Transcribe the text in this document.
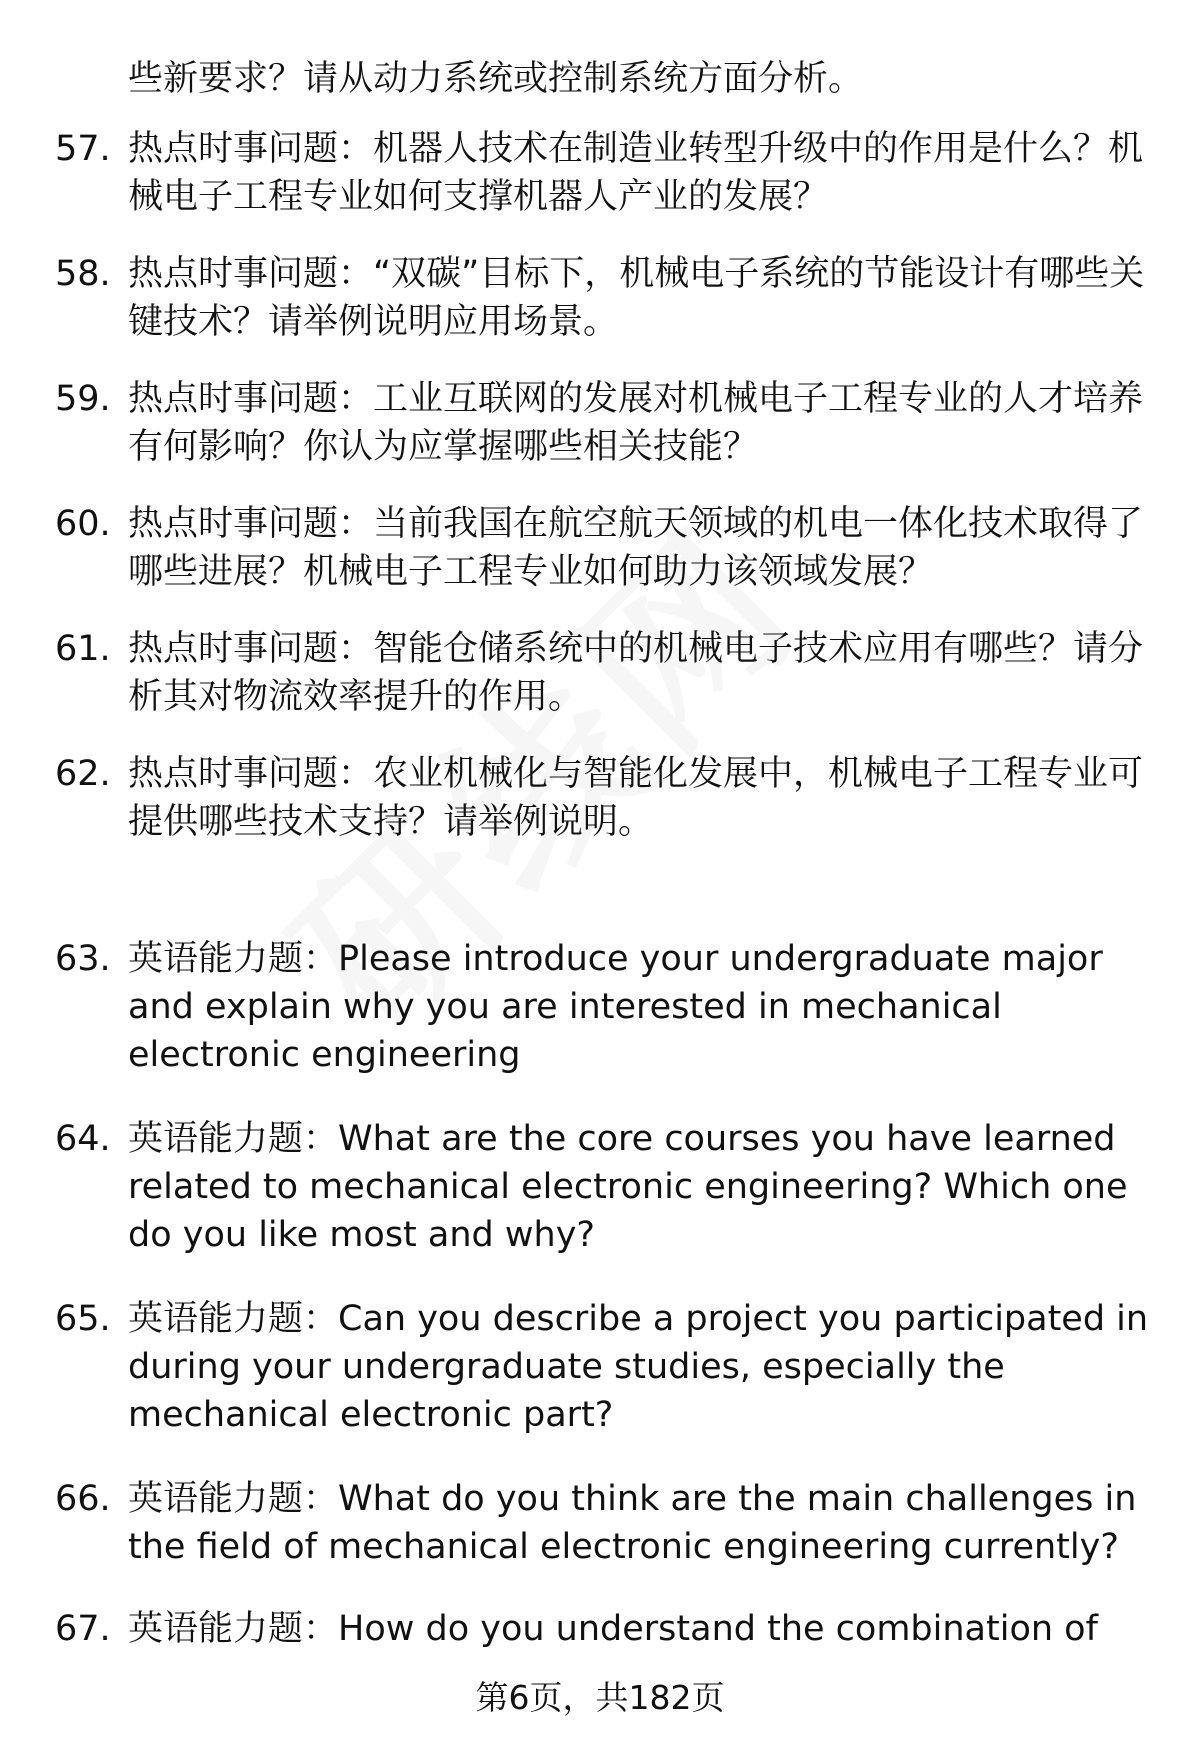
些新要求？请从动力系统或控制系统方面分析。
57. 热点时事问题：机器人技术在制造业转型升级中的作用是什么？机械电子工程专业如何支撑机器人产业的发展？
58. 热点时事问题：“双碳”目标下，机械电子系统的节能设计有哪些关键技术？请举例说明应用场景。
59. 热点时事问题：工业互联网的发展对机械电子工程专业的人才培养有何影响？你认为应掌握哪些相关技能？
60. 热点时事问题：当前我国在航空航天领域的机电一体化技术取得了哪些进展？机械电子工程专业如何助力该领域发展？
61. 热点时事问题：智能仓储系统中的机械电子技术应用有哪些？请分析其对物流效率提升的作用。
62. 热点时事问题：农业机械化与智能化发展中，机械电子工程专业可提供哪些技术支持？请举例说明。
63. 英语能力题：Please introduce your undergraduate major and explain why you are interested in mechanical electronic engineering
64. 英语能力题：What are the core courses you have learned related to mechanical electronic engineering? Which one do you like most and why?
65. 英语能力题：Can you describe a project you participated in during your undergraduate studies, especially the mechanical electronic part?
66. 英语能力题：What do you think are the main challenges in the field of mechanical electronic engineering currently?
67. 英语能力题：How do you understand the combination of
第6页，共182页
